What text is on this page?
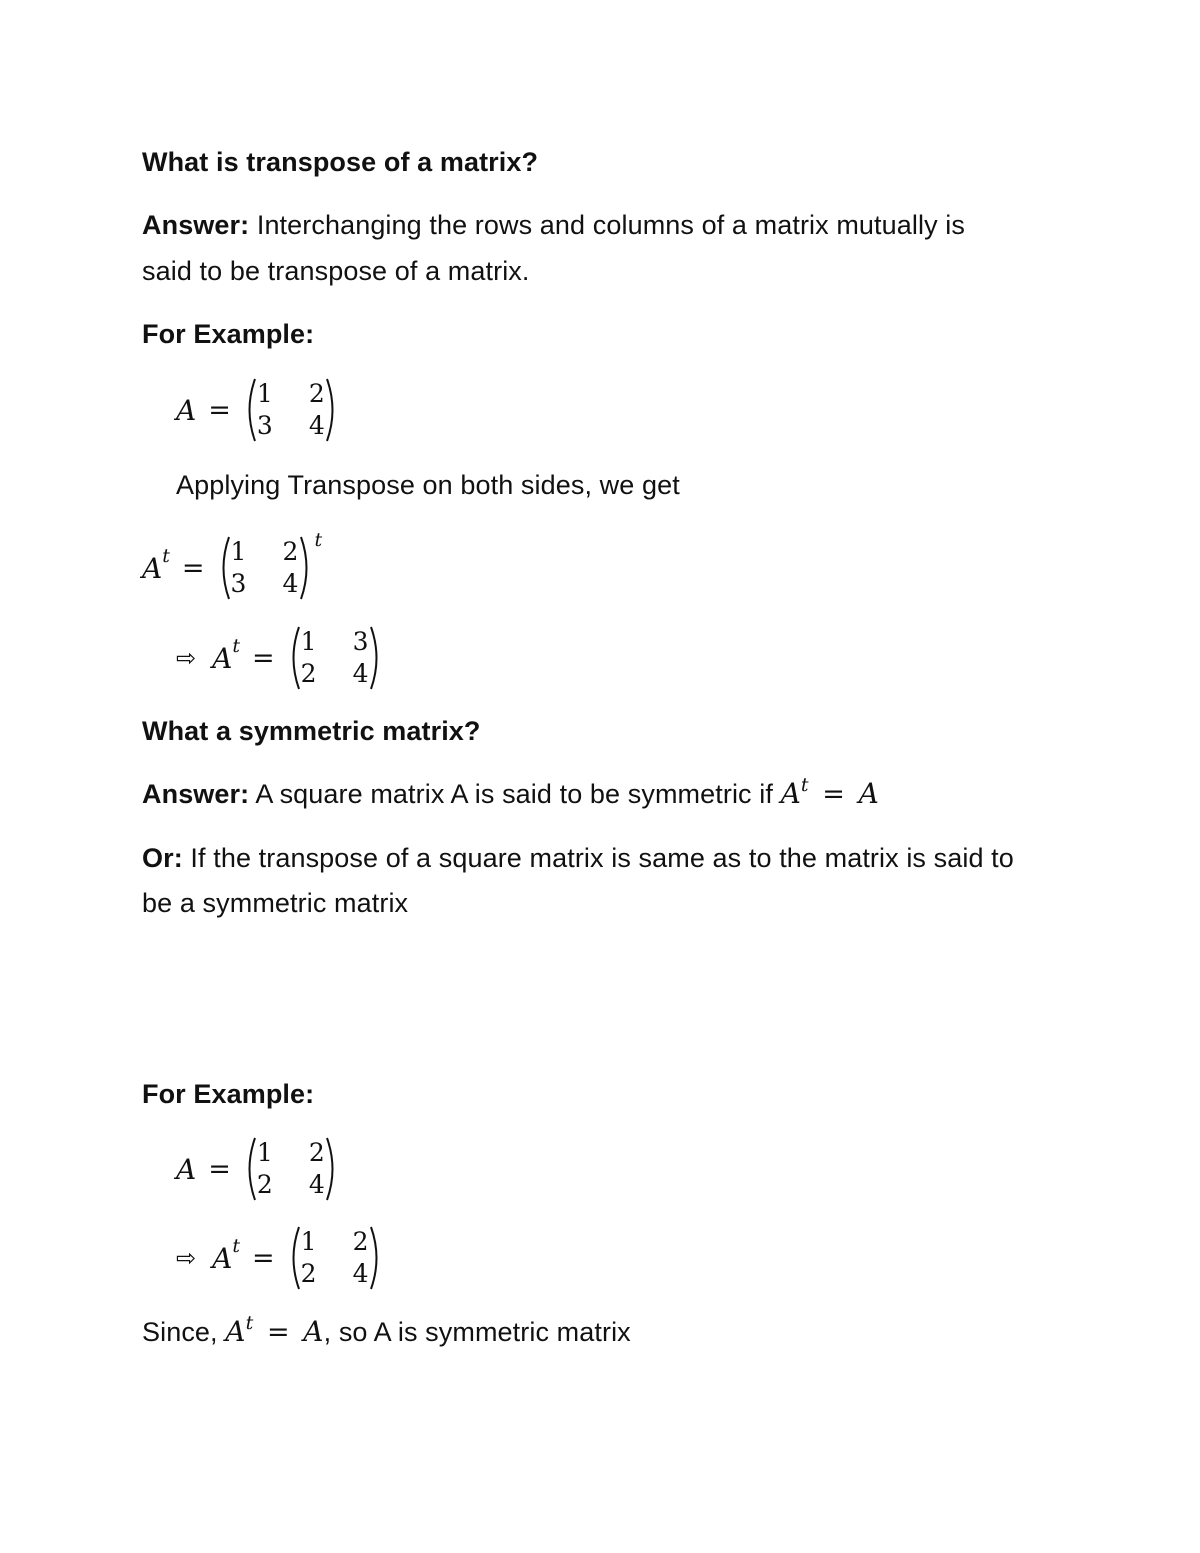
What is transpose of a matrix?
Answer: Interchanging the rows and columns of a matrix mutually is
said to be transpose of a matrix.
For Example:
A =
1 2
3 4
Applying Transpose on both sides, we get
A t =
1 2
3 4
t
⇨ A t =
1 3
2 4
What a symmetric matrix?
Answer: A square matrix A is said to be symmetric if $A^t = A$
Or: If the transpose of a square matrix is same as to the matrix is said to
be a symmetric matrix
For Example:
A =
1 2
2 4
⇨ A t =
1 2
2 4
Since, $A^t = A$, so A is symmetric matrix
